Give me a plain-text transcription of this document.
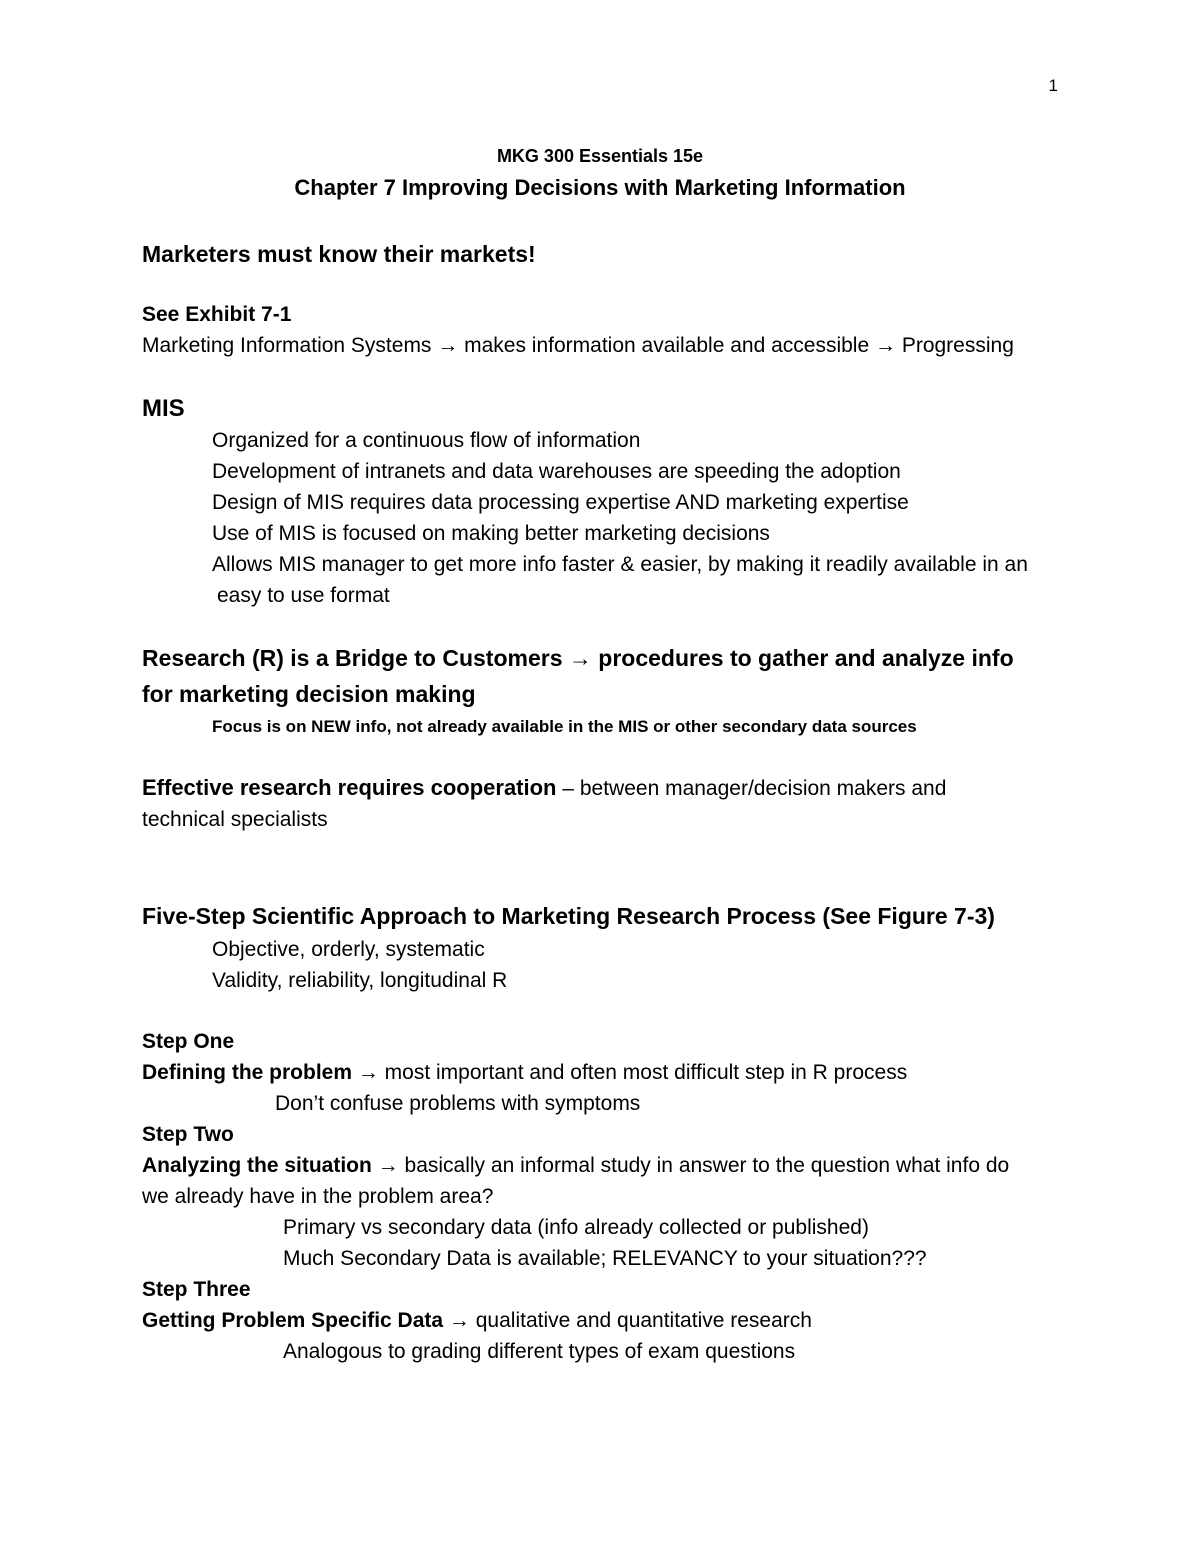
1
MKG 300 Essentials 15e
Chapter 7 Improving Decisions with Marketing Information
Marketers must know their markets!
See Exhibit 7-1
Marketing Information Systems → makes information available and accessible → Progressing
MIS
Organized for a continuous flow of information
Development of intranets and data warehouses are speeding the adoption
Design of MIS requires data processing expertise AND marketing expertise
Use of MIS is focused on making better marketing decisions
Allows MIS manager to get more info faster & easier, by making it readily available in an
easy to use format
Research (R) is a Bridge to Customers → procedures to gather and analyze info
for marketing decision making
Focus is on NEW info, not already available in the MIS or other secondary data sources
Effective research requires cooperation – between manager/decision makers and
technical specialists
Five-Step Scientific Approach to Marketing Research Process (See Figure 7-3)
Objective, orderly, systematic
Validity, reliability, longitudinal R
Step One
Defining the problem → most important and often most difficult step in R process
Don’t confuse problems with symptoms
Step Two
Analyzing the situation → basically an informal study in answer to the question what info do
we already have in the problem area?
Primary vs secondary data (info already collected or published)
Much Secondary Data is available; RELEVANCY to your situation???
Step Three
Getting Problem Specific Data → qualitative and quantitative research
Analogous to grading different types of exam questions
